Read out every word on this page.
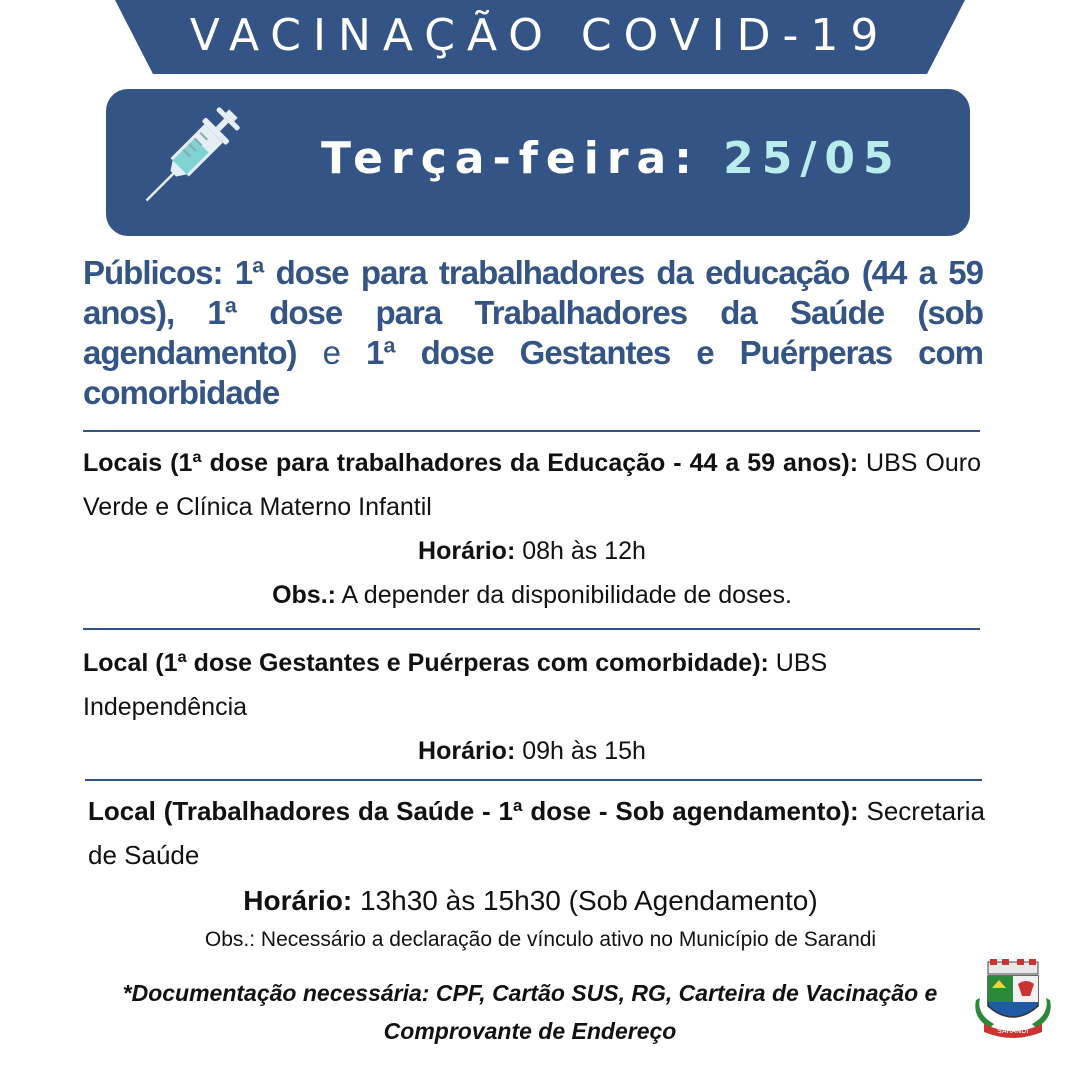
VACINAÇÃO COVID-19
Terça-feira: 25/05
Públicos: 1ª dose para trabalhadores da educação (44 a 59 anos), 1ª dose para Trabalhadores da Saúde (sob agendamento) e 1ª dose Gestantes e Puérperas com comorbidade
Locais (1ª dose para trabalhadores da Educação - 44 a 59 anos): UBS Ouro Verde e Clínica Materno Infantil
Horário: 08h às 12h
Obs.: A depender da disponibilidade de doses.
Local (1ª dose Gestantes e Puérperas com comorbidade): UBS Independência
Horário: 09h às 15h
Local (Trabalhadores da Saúde - 1ª dose - Sob agendamento): Secretaria de Saúde
Horário: 13h30 às 15h30 (Sob Agendamento)
Obs.: Necessário a declaração de vínculo ativo no Município de Sarandi
*Documentação necessária: CPF, Cartão SUS, RG, Carteira de Vacinação e Comprovante de Endereço	SARANDI
